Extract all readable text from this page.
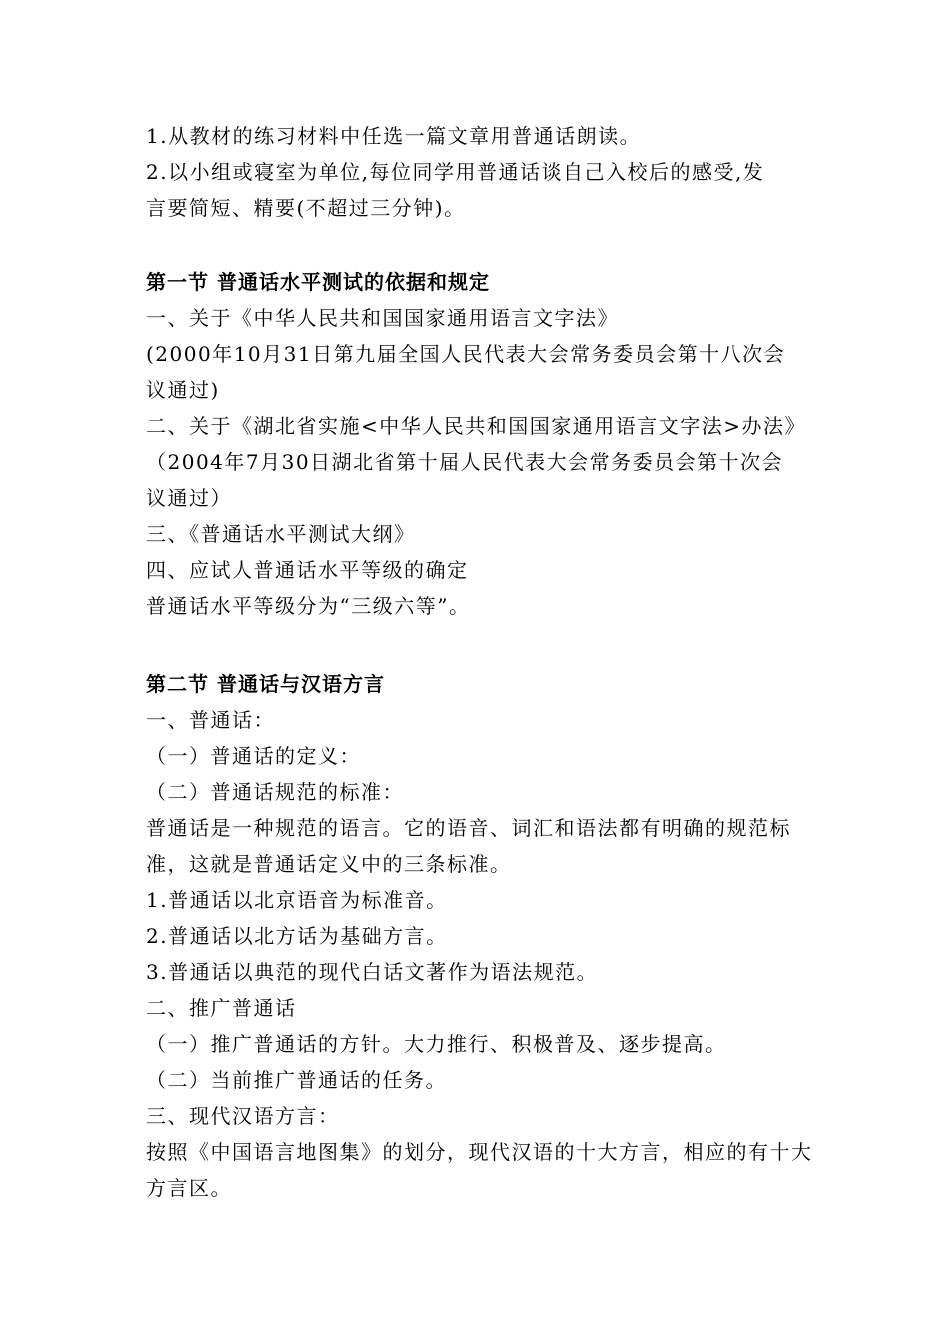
1.从教材的练习材料中任选一篇文章用普通话朗读。
2.以小组或寝室为单位,每位同学用普通话谈自己入校后的感受,发
言要简短、精要(不超过三分钟)。
第一节 普通话水平测试的依据和规定
一、关于《中华人民共和国国家通用语言文字法》
(2000年10月31日第九届全国人民代表大会常务委员会第十八次会
议通过)
二、关于《湖北省实施<中华人民共和国国家通用语言文字法>办法》
（2004年7月30日湖北省第十届人民代表大会常务委员会第十次会
议通过）
三、《普通话水平测试大纲》
四、应试人普通话水平等级的确定
普通话水平等级分为“三级六等”。
第二节 普通话与汉语方言
一、普通话：
（一）普通话的定义：
（二）普通话规范的标准：
普通话是一种规范的语言。它的语音、词汇和语法都有明确的规范标
准，这就是普通话定义中的三条标准。
1.普通话以北京语音为标准音。
2.普通话以北方话为基础方言。
3.普通话以典范的现代白话文著作为语法规范。
二、推广普通话
（一）推广普通话的方针。大力推行、积极普及、逐步提高。
（二）当前推广普通话的任务。
三、现代汉语方言：
按照《中国语言地图集》的划分，现代汉语的十大方言，相应的有十大
方言区。
